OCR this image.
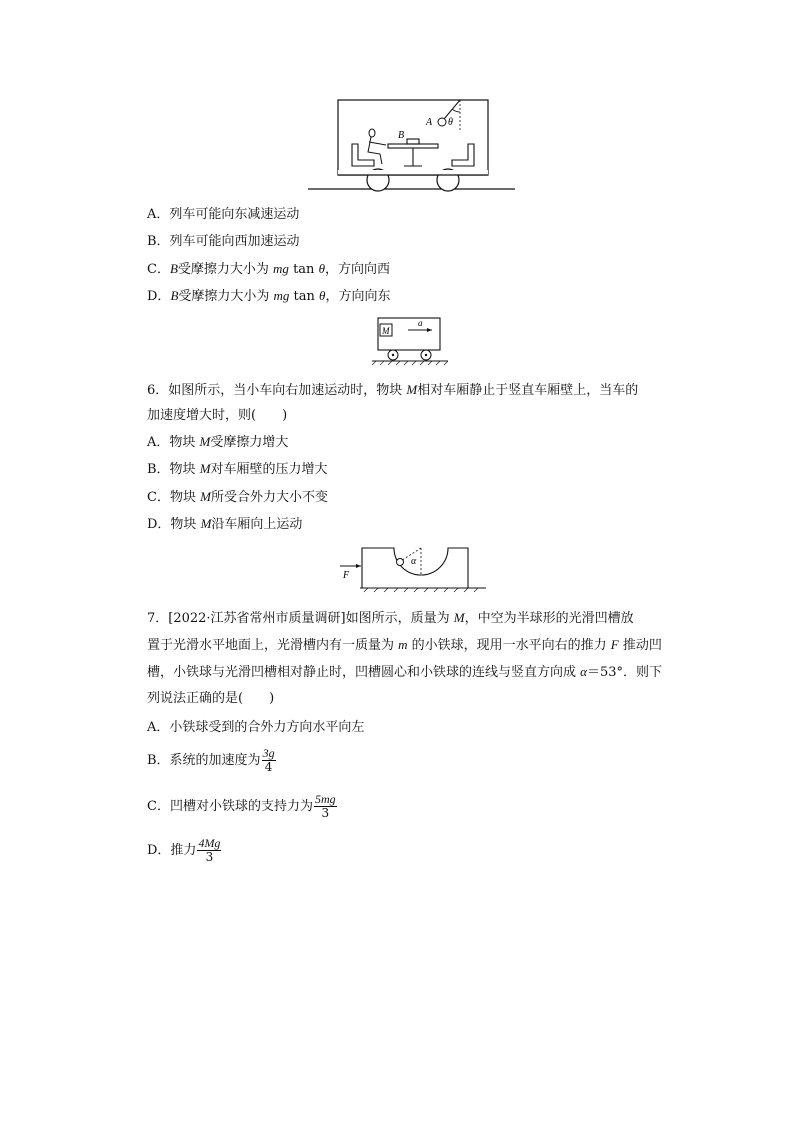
B
A θ
A．列车可能向东减速运动
B．列车可能向西加速运动
C．B受摩擦力大小为 mg tan θ，方向向西
D．B受摩擦力大小为 mg tan θ，方向向东
M
a
6．如图所示，当小车向右加速运动时，物块 M相对车厢静止于竖直车厢壁上，当车的
加速度增大时，则(　　)
A．物块 M受摩擦力增大
B．物块 M对车厢壁的压力增大
C．物块 M所受合外力大小不变
D．物块 M沿车厢向上运动
α
F
7．[2022·江苏省常州市质量调研]如图所示，质量为 M，中空为半球形的光滑凹槽放
置于光滑水平地面上，光滑槽内有一质量为 m 的小铁球，现用一水平向右的推力 F 推动凹
槽，小铁球与光滑凹槽相对静止时，凹槽圆心和小铁球的连线与竖直方向成 α＝53°．则下
列说法正确的是(　　)
A．小铁球受到的合外力方向水平向左
B．系统的加速度为 $\frac{3g}{4}$
C．凹槽对小铁球的支持力为 $\frac{5mg}{3}$
D．推力 $\frac{4Mg}{3}$
